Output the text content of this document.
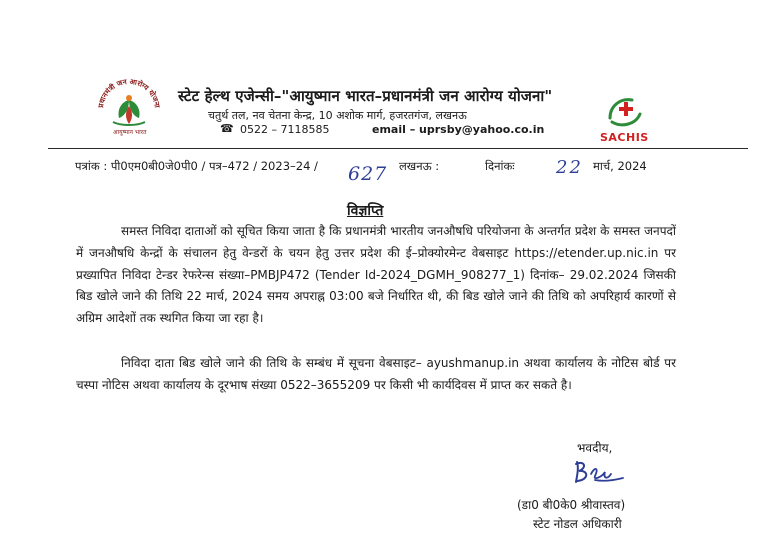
प्रधानमंत्री जन आरोग्य योजना
आयुष्मान भारत
स्टेट हेल्थ एजेन्सी–"आयुष्मान भारत–प्रधानमंत्री जन आरोग्य योजना"
चतुर्थ तल, नव चेतना केन्द्र, 10 अशोक मार्ग, हजरतगंज, लखनऊ
☎ 0522 – 7118585	email – uprsby@yahoo.co.in
SACHIS
पत्रांक : पी0एम0बी0जे0पी0 / पत्र–472 / 2023–24 / 627 लखनऊ :	दिनांकः 22 मार्च, 2024
विज्ञप्ति
समस्त निविदा दाताओं को सूचित किया जाता है कि प्रधानमंत्री भारतीय जनऔषधि परियोजना के अन्तर्गत प्रदेश के समस्त जनपदों में जनऔषधि केन्द्रों के संचालन हेतु वेन्डरों के चयन हेतु उत्तर प्रदेश की ई–प्रोक्योरमेन्ट वेबसाइट https://etender.up.nic.in पर प्रख्यापित निविदा टेन्डर रेफरेन्स संख्या–PMBJP472 (Tender Id-2024_DGMH_908277_1) दिनांक– 29.02.2024 जिसकी बिड खोले जाने की तिथि 22 मार्च, 2024 समय अपराह्न 03:00 बजे निर्धारित थी, की बिड खोले जाने की तिथि को अपरिहार्य कारणों से अग्रिम आदेशों तक स्थगित किया जा रहा है।
निविदा दाता बिड खोले जाने की तिथि के सम्बंध में सूचना वेबसाइट– ayushmanup.in अथवा कार्यालय के नोटिस बोर्ड पर चस्पा नोटिस अथवा कार्यालय के दूरभाष संख्या 0522–3655209 पर किसी भी कार्यदिवस में प्राप्त कर सकते है।
भवदीय,
(डा0 बी0के0 श्रीवास्तव)
स्टेट नोडल अधिकारी
